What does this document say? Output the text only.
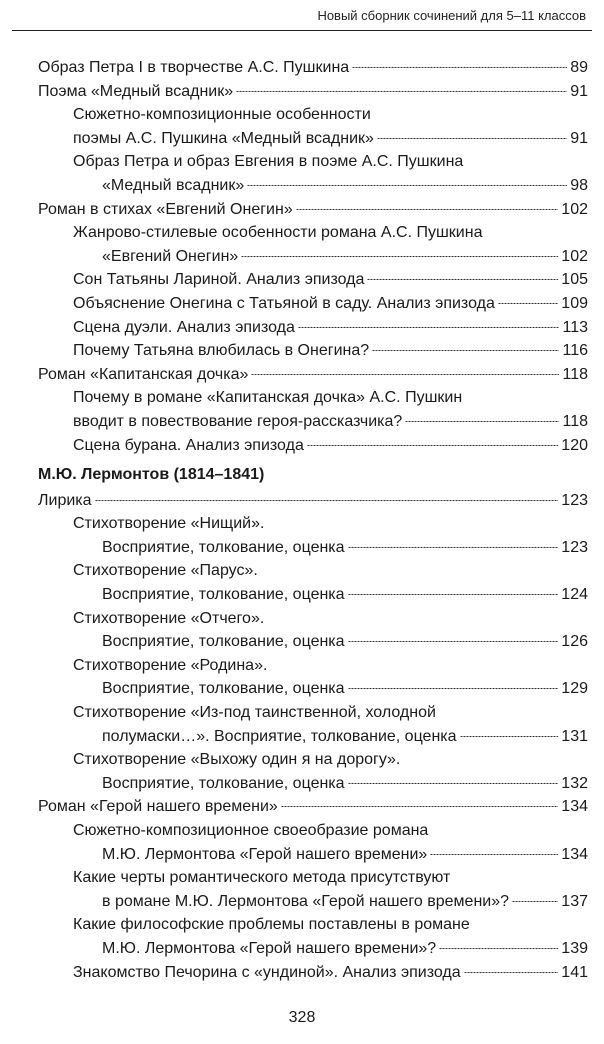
Новый сборник сочинений для 5–11 классов
Образ Петра I в творчестве А.С. Пушкина	89
Поэма «Медный всадник»	91
Сюжетно-композиционные особенности
поэмы А.С. Пушкина «Медный всадник»	91
Образ Петра и образ Евгения в поэме А.С. Пушкина
«Медный всадник»	98
Роман в стихах «Евгений Онегин»	102
Жанрово-стилевые особенности романа А.С. Пушкина
«Евгений Онегин»	102
Сон Татьяны Лариной. Анализ эпизода	105
Объяснение Онегина с Татьяной в саду. Анализ эпизода	109
Сцена дуэли. Анализ эпизода	113
Почему Татьяна влюбилась в Онегина?	116
Роман «Капитанская дочка»	118
Почему в романе «Капитанская дочка» А.С. Пушкин
вводит в повествование героя-рассказчика?	118
Сцена бурана. Анализ эпизода	120
М.Ю. Лермонтов (1814–1841)
Лирика	123
Стихотворение «Нищий».
Восприятие, толкование, оценка	123
Стихотворение «Парус».
Восприятие, толкование, оценка	124
Стихотворение «Отчего».
Восприятие, толкование, оценка	126
Стихотворение «Родина».
Восприятие, толкование, оценка	129
Стихотворение «Из-под таинственной, холодной
полумаски…». Восприятие, толкование, оценка	131
Стихотворение «Выхожу один я на дорогу».
Восприятие, толкование, оценка	132
Роман «Герой нашего времени»	134
Сюжетно-композиционное своеобразие романа
М.Ю. Лермонтова «Герой нашего времени»	134
Какие черты романтического метода присутствуют
в романе М.Ю. Лермонтова «Герой нашего времени»?	137
Какие философские проблемы поставлены в романе
М.Ю. Лермонтова «Герой нашего времени»?	139
Знакомство Печорина с «ундиной». Анализ эпизода	141
328
